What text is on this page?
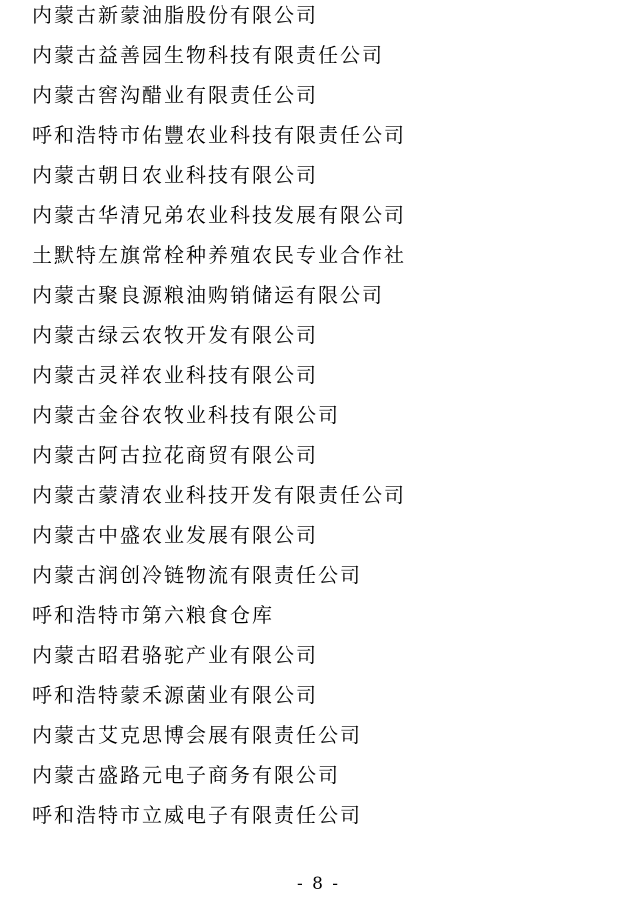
内蒙古新蒙油脂股份有限公司
内蒙古益善园生物科技有限责任公司
内蒙古窖沟醋业有限责任公司
呼和浩特市佑豐农业科技有限责任公司
内蒙古朝日农业科技有限公司
内蒙古华清兄弟农业科技发展有限公司
土默特左旗常栓种养殖农民专业合作社
内蒙古聚良源粮油购销储运有限公司
内蒙古绿云农牧开发有限公司
内蒙古灵祥农业科技有限公司
内蒙古金谷农牧业科技有限公司
内蒙古阿古拉花商贸有限公司
内蒙古蒙清农业科技开发有限责任公司
内蒙古中盛农业发展有限公司
内蒙古润创冷链物流有限责任公司
呼和浩特市第六粮食仓库
内蒙古昭君骆驼产业有限公司
呼和浩特蒙禾源菌业有限公司
内蒙古艾克思博会展有限责任公司
内蒙古盛路元电子商务有限公司
呼和浩特市立威电子有限责任公司
- 8 -
